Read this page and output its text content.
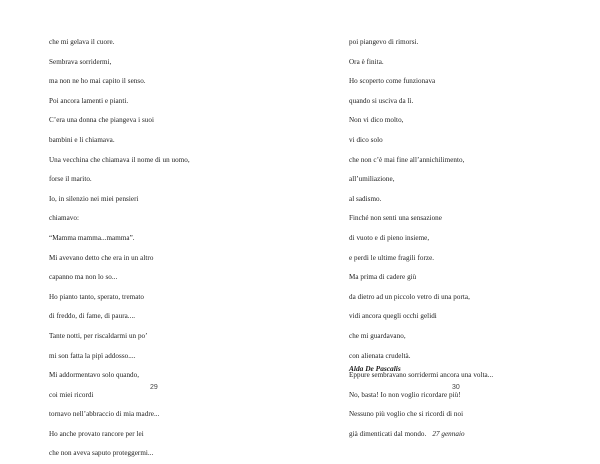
che mi gelava il cuore.
Sembrava sorridermi,
ma non ne ho mai capito il senso.
Poi ancora lamenti e pianti.
C’era una donna che piangeva i suoi
bambini e li chiamava.
Una vecchina che chiamava il nome di un uomo,
forse il marito.
Io, in silenzio nei miei pensieri
chiamavo:
“Mamma mamma...mamma”.
Mi avevano detto che era in un altro
capanno ma non lo so...
Ho pianto tanto, sperato, tremato
di freddo, di fame, di paura....
Tante notti, per riscaldarmi un po’
mi son fatta la pipì addosso....
Mi addormentavo solo quando,
coi miei ricordi
tornavo nell’abbraccio di mia madre...
Ho anche provato rancore per lei
che non aveva saputo proteggermi...
29
poi piangevo di rimorsi.
Ora è finita.
Ho scoperto come funzionava
quando si usciva da lì.
Non vi dico molto,
vi dico solo
che non c’è mai fine all’annichilimento,
all’umiliazione,
al sadismo.
Finché non senti una sensazione
di vuoto e di pieno insieme,
e perdi le ultime fragili forze.
Ma prima di cadere giù
da dietro ad un piccolo vetro di una porta,
vidi ancora quegli occhi gelidi
che mi guardavano,
con alienata crudeltà.
Eppure sembravano sorridermi ancora una volta...
No, basta! Io non voglio ricordare più!
Nessuno più voglio che si ricordi di noi
già dimenticati dal mondo. 27 gennaio
Alda De Pascalis
30
